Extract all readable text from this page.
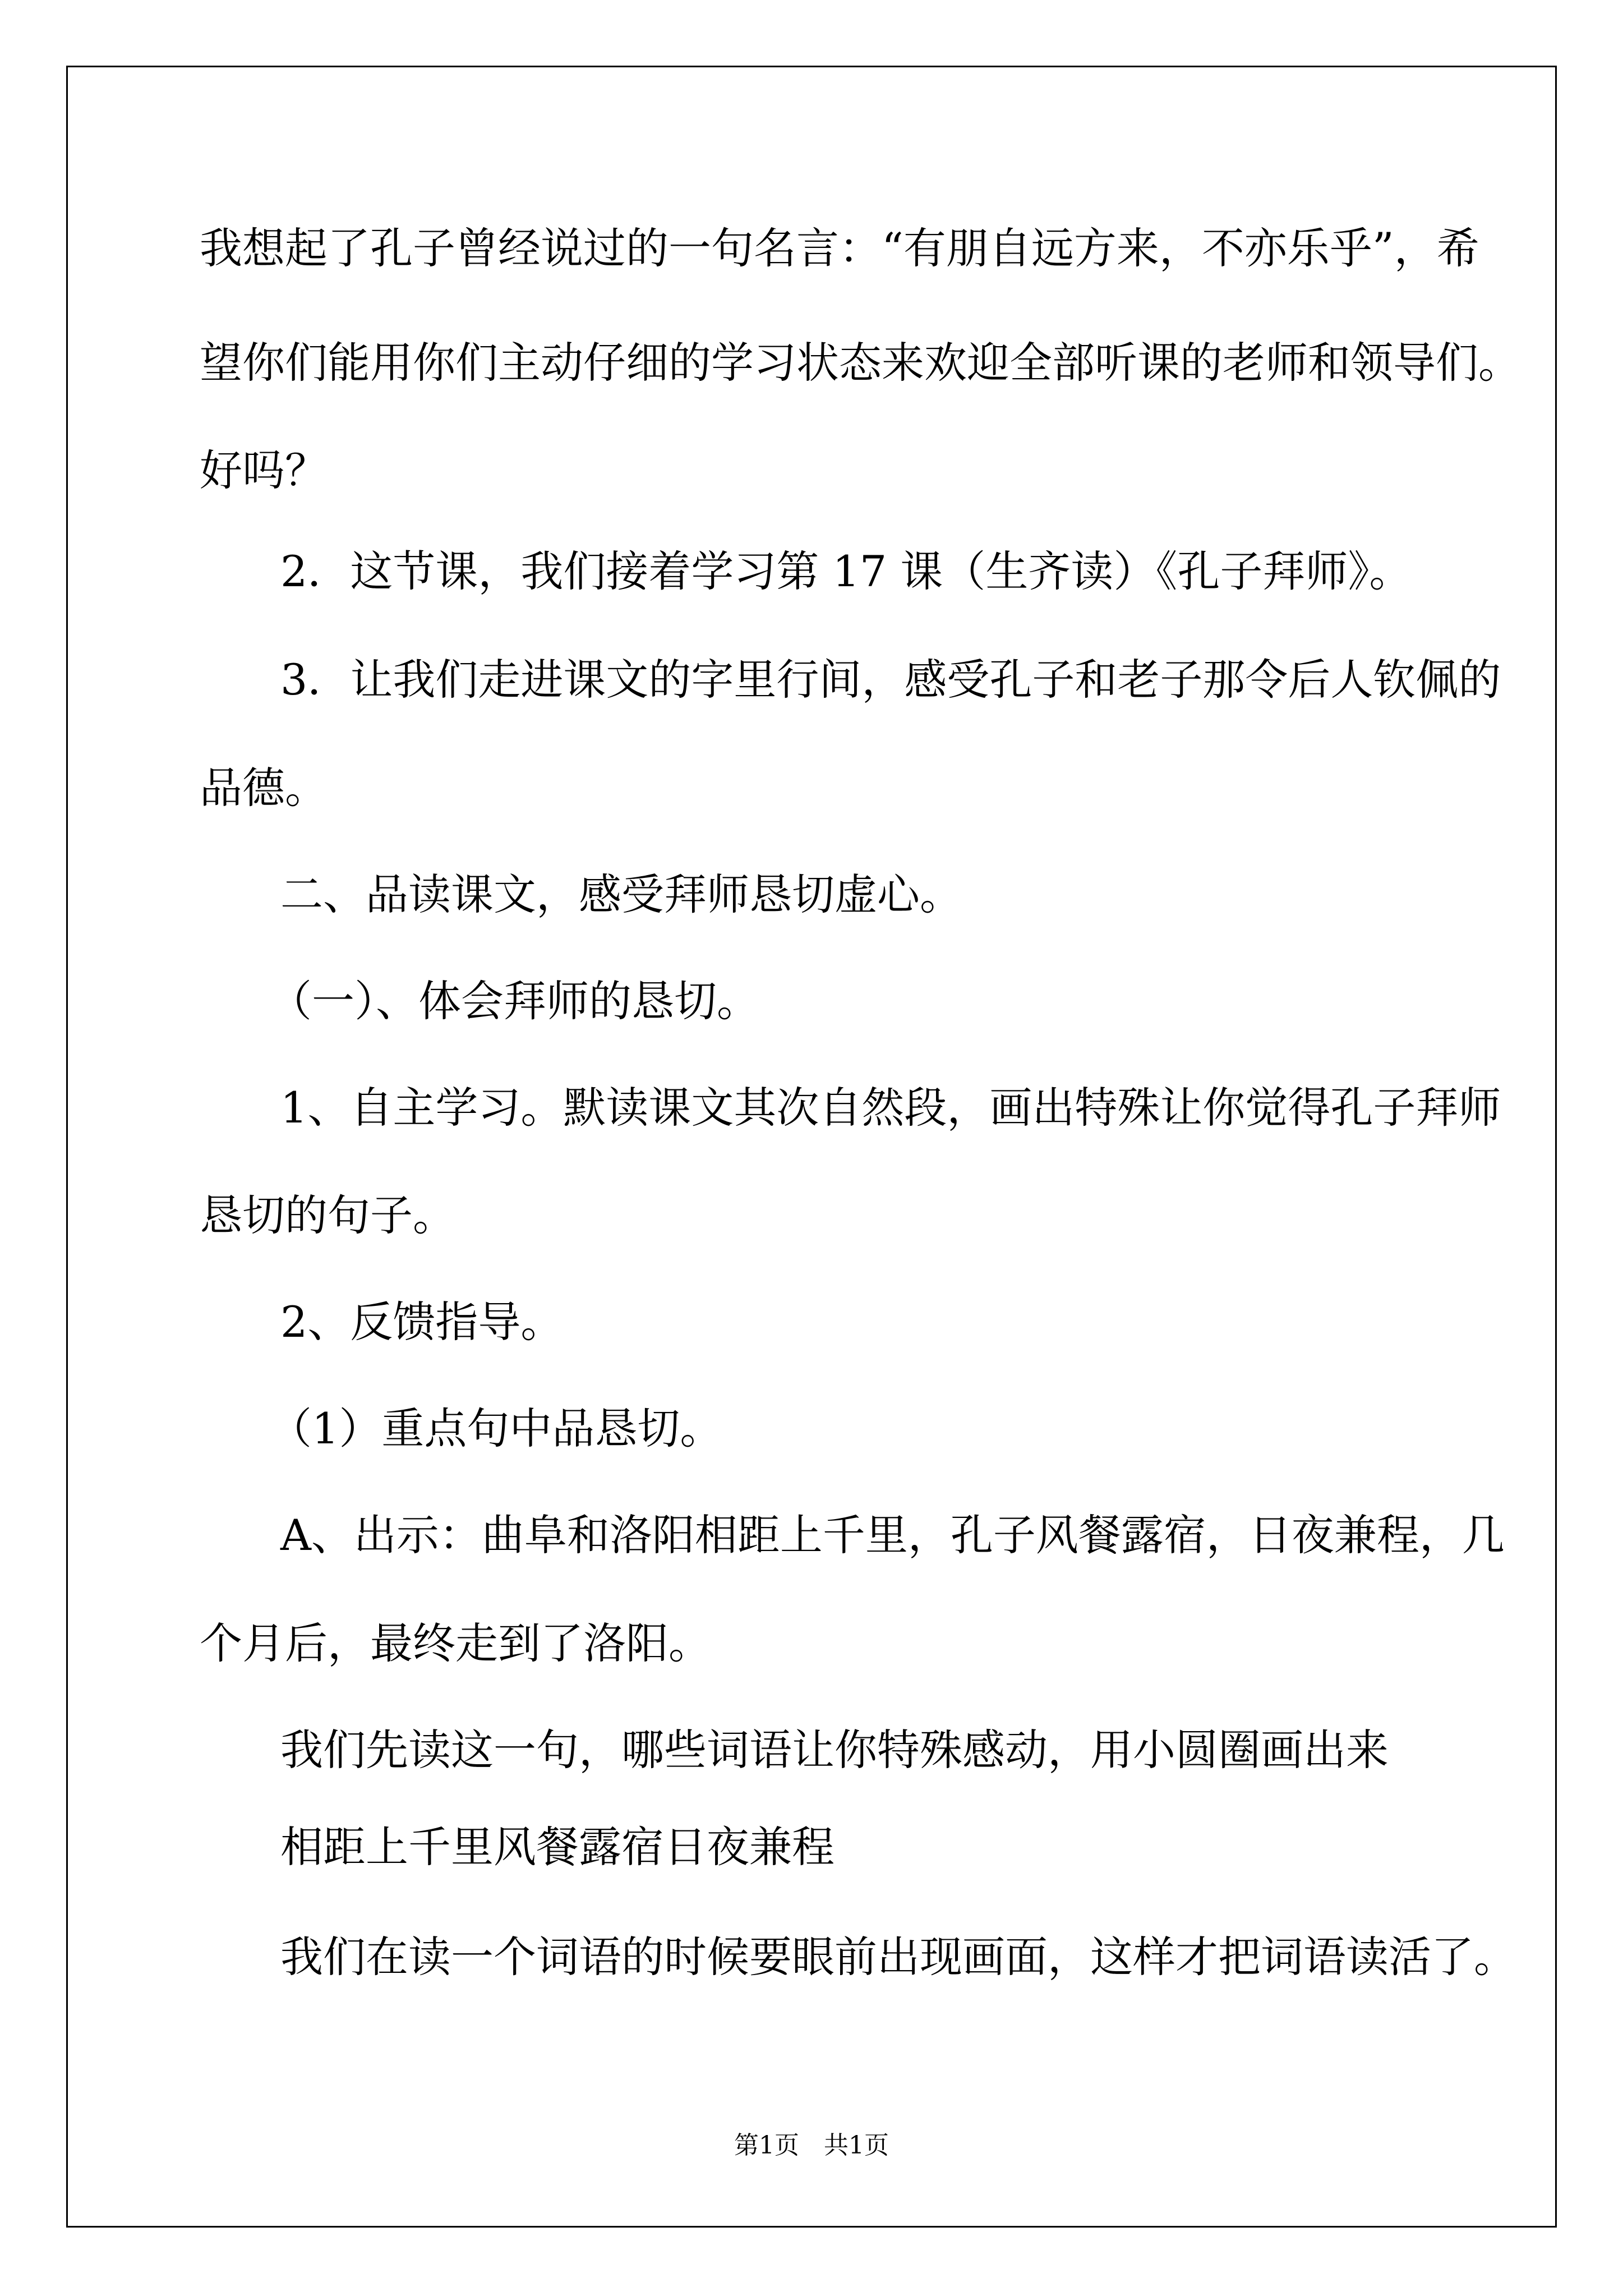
我想起了孔子曾经说过的一句名言：“有朋自远方来，不亦乐乎”，希
望你们能用你们主动仔细的学习状态来欢迎全部听课的老师和领导们。
好吗？
2．这节课，我们接着学习第 17 课（生齐读）《孔子拜师》。
3．让我们走进课文的字里行间，感受孔子和老子那令后人钦佩的
品德。
二、品读课文，感受拜师恳切虚心。
（一）、体会拜师的恳切。
1、自主学习。默读课文其次自然段，画出特殊让你觉得孔子拜师
恳切的句子。
2、反馈指导。
（1）重点句中品恳切。
A、出示：曲阜和洛阳相距上千里，孔子风餐露宿，日夜兼程，几
个月后，最终走到了洛阳。
我们先读这一句，哪些词语让你特殊感动，用小圆圈画出来
相距上千里风餐露宿日夜兼程
我们在读一个词语的时候要眼前出现画面，这样才把词语读活了。
第1页　共1页
